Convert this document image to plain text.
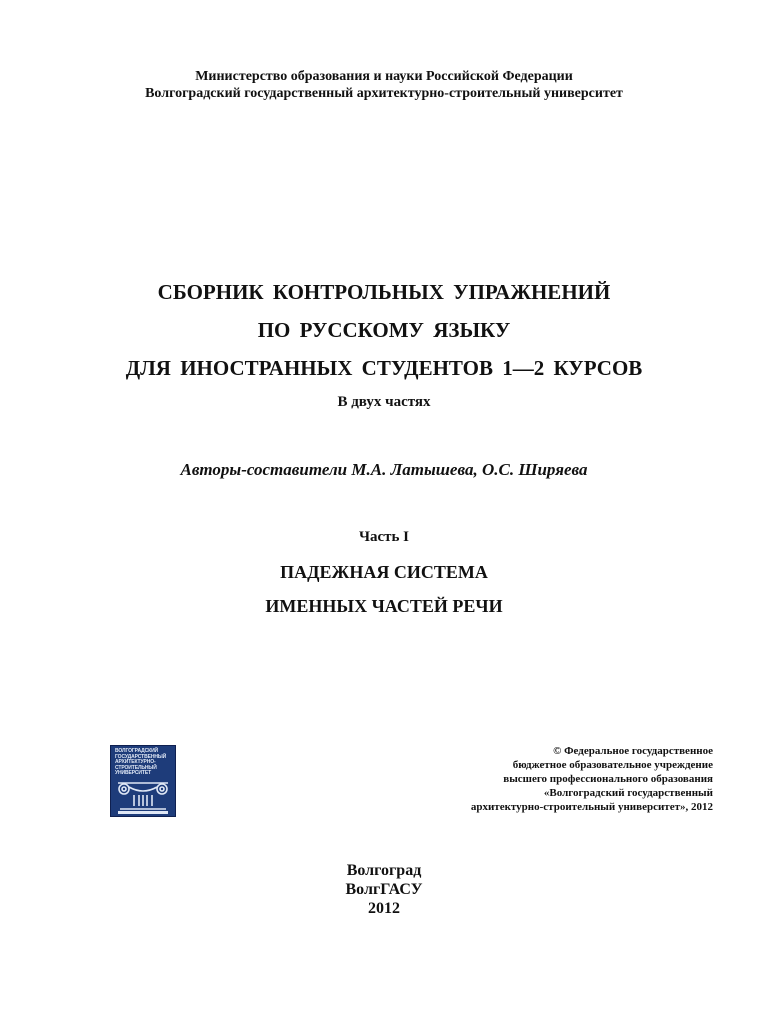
Министерство образования и науки Российской Федерации
Волгоградский государственный архитектурно-строительный университет
СБОРНИК КОНТРОЛЬНЫХ УПРАЖНЕНИЙ
ПО РУССКОМУ ЯЗЫКУ
ДЛЯ ИНОСТРАННЫХ СТУДЕНТОВ 1—2 КУРСОВ
В двух частях
Авторы-составители М.А. Латышева, О.С. Ширяева
Часть I
ПАДЕЖНАЯ СИСТЕМА
ИМЕННЫХ ЧАСТЕЙ РЕЧИ
ВОЛГОГРАДСКИЙ
ГОСУДАРСТВЕННЫЙ
АРХИТЕКТУРНО-
СТРОИТЕЛЬНЫЙ
УНИВЕРСИТЕТ
© Федеральное государственное
бюджетное образовательное учреждение
высшего профессионального образования
«Волгоградский государственный
архитектурно-строительный университет», 2012
Волгоград
ВолгГАСУ
2012
